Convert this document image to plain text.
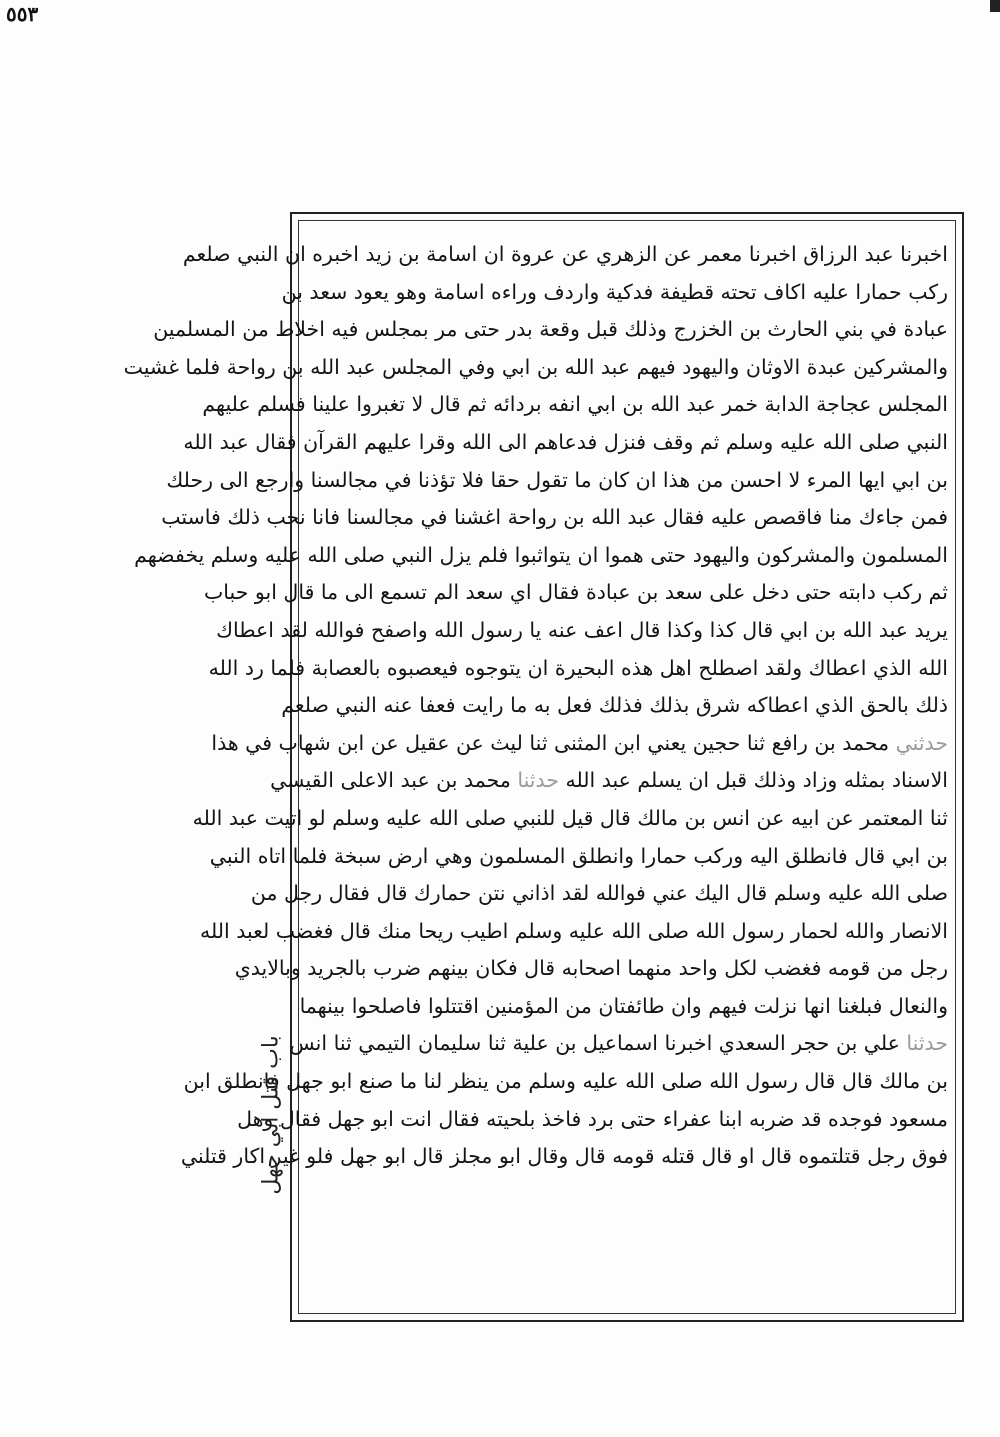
٥٥٣
اخبرنا عبد الرزاق اخبرنا معمر عن الزهري عن عروة ان اسامة بن زيد اخبره ان النبي صلعم
ركب حمارا عليه اكاف تحته قطيفة فدكية واردف وراءه اسامة وهو يعود سعد بن
عبادة في بني الحارث بن الخزرج وذلك قبل وقعة بدر حتى مر بمجلس فيه اخلاط من المسلمين
والمشركين عبدة الاوثان واليهود فيهم عبد الله بن ابي وفي المجلس عبد الله بن رواحة فلما غشيت
المجلس عجاجة الدابة خمر عبد الله بن ابي انفه بردائه ثم قال لا تغبروا علينا فسلم عليهم
النبي صلى الله عليه وسلم ثم وقف فنزل فدعاهم الى الله وقرا عليهم القرآن فقال عبد الله
بن ابي ايها المرء لا احسن من هذا ان كان ما تقول حقا فلا تؤذنا في مجالسنا وارجع الى رحلك
فمن جاءك منا فاقصص عليه فقال عبد الله بن رواحة اغشنا في مجالسنا فانا نحب ذلك فاستب
المسلمون والمشركون واليهود حتى هموا ان يتواثبوا فلم يزل النبي صلى الله عليه وسلم يخفضهم
ثم ركب دابته حتى دخل على سعد بن عبادة فقال اي سعد الم تسمع الى ما قال ابو حباب
يريد عبد الله بن ابي قال كذا وكذا قال اعف عنه يا رسول الله واصفح فوالله لقد اعطاك
الله الذي اعطاك ولقد اصطلح اهل هذه البحيرة ان يتوجوه فيعصبوه بالعصابة فلما رد الله
ذلك بالحق الذي اعطاكه شرق بذلك فذلك فعل به ما رايت فعفا عنه النبي صلعم
حدثني محمد بن رافع ثنا حجين يعني ابن المثنى ثنا ليث عن عقيل عن ابن شهاب في هذا
الاسناد بمثله وزاد وذلك قبل ان يسلم عبد الله حدثنا محمد بن عبد الاعلى القيسي
ثنا المعتمر عن ابيه عن انس بن مالك قال قيل للنبي صلى الله عليه وسلم لو اتيت عبد الله
بن ابي قال فانطلق اليه وركب حمارا وانطلق المسلمون وهي ارض سبخة فلما اتاه النبي
صلى الله عليه وسلم قال اليك عني فوالله لقد اذاني نتن حمارك قال فقال رجل من
الانصار والله لحمار رسول الله صلى الله عليه وسلم اطيب ريحا منك قال فغضب لعبد الله
رجل من قومه فغضب لكل واحد منهما اصحابه قال فكان بينهم ضرب بالجريد وبالايدي
والنعال فبلغنا انها نزلت فيهم وان طائفتان من المؤمنين اقتتلوا فاصلحوا بينهما
حدثنا علي بن حجر السعدي اخبرنا اسماعيل بن علية ثنا سليمان التيمي ثنا انس
بن مالك قال قال رسول الله صلى الله عليه وسلم من ينظر لنا ما صنع ابو جهل فانطلق ابن
مسعود فوجده قد ضربه ابنا عفراء حتى برد فاخذ بلحيته فقال انت ابو جهل فقال وهل
فوق رجل قتلتموه قال او قال قتله قومه قال وقال ابو مجلز قال ابو جهل فلو غير اكار قتلني
باب قتل ابي جهل
